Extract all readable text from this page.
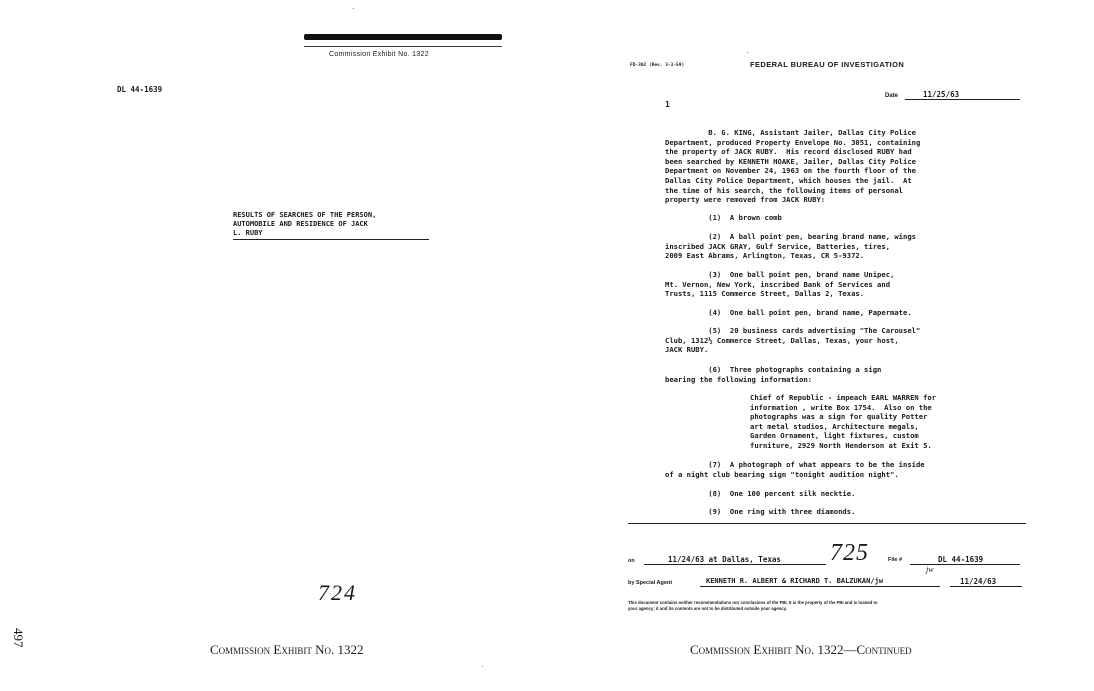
Commission Exhibit No. 1322
DL 44-1639
RESULTS OF SEARCHES OF THE PERSON,
AUTOMOBILE AND RESIDENCE OF JACK
L. RUBY
724
Commission Exhibit No. 1322
497
FD-302 (Rev. 3-3-59)	FEDERAL BUREAU OF INVESTIGATION
Date	11/25/63
1
B. G. KING, Assistant Jailer, Dallas City Police
Department, produced Property Envelope No. 3051, containing
the property of JACK RUBY.  His record disclosed RUBY had
been searched by KENNETH HOAKE, Jailer, Dallas City Police
Department on November 24, 1963 on the fourth floor of the
Dallas City Police Department, which houses the jail.  At
the time of his search, the following items of personal
property were removed from JACK RUBY:
(1)  A brown comb
(2)  A ball point pen, bearing brand name, wings
inscribed JACK GRAY, Gulf Service, Batteries, tires,
2009 East Abrams, Arlington, Texas, CR 5-9372.
(3)  One ball point pen, brand name Unipec,
Mt. Vernon, New York, inscribed Bank of Services and
Trusts, 1115 Commerce Street, Dallas 2, Texas.
(4)  One ball point pen, brand name, Papermate.
(5)  20 business cards advertising "The Carousel"
Club, 1312½ Commerce Street, Dallas, Texas, your host,
JACK RUBY.
(6)  Three photographs containing a sign
bearing the following information:
Chief of Republic - impeach EARL WARREN for
information , write Box 1754.  Also on the
photographs was a sign for quality Potter
art metal studios, Architecture megals,
Garden Ornament, light fixtures, custom
furniture, 2929 North Henderson at Exit 5.
(7)  A photograph of what appears to be the inside
of a night club bearing sign "tonight audition night".
(8)  One 100 percent silk necktie.
(9)  One ring with three diamonds.
on	11/24/63 at Dallas, Texas 725	File #	DL 44-1639
by Special Agent	KENNETH R. ALBERT & RICHARD T. BALZUKAN/jw
jw
11/24/63
This document contains neither recommendations nor conclusions of the FBI. It is the property of the FBI and is loaned to
your agency; it and its contents are not to be distributed outside your agency.
Commission Exhibit No. 1322—Continued
